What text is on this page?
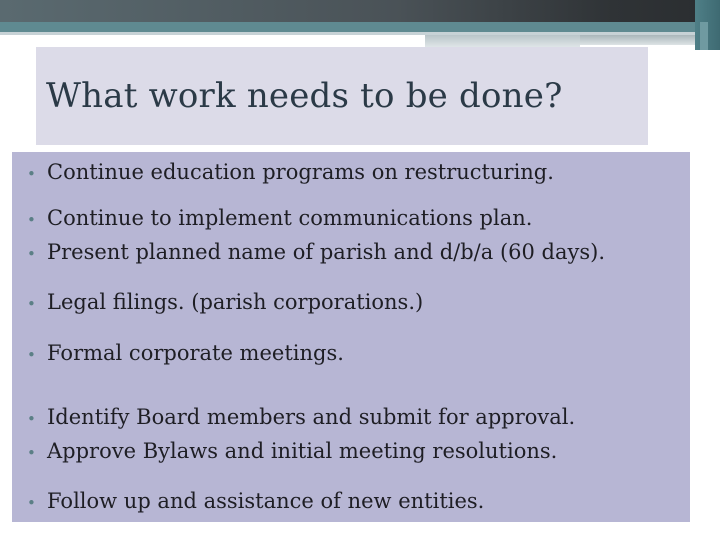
What work needs to be done?
• Continue education programs on restructuring.
• Continue to implement communications plan.
• Present planned name of parish and d/b/a (60 days).
• Legal filings. (parish corporations.)
• Formal corporate meetings.
• Identify Board members and submit for approval.
• Approve Bylaws and initial meeting resolutions.
• Follow up and assistance of new entities.
